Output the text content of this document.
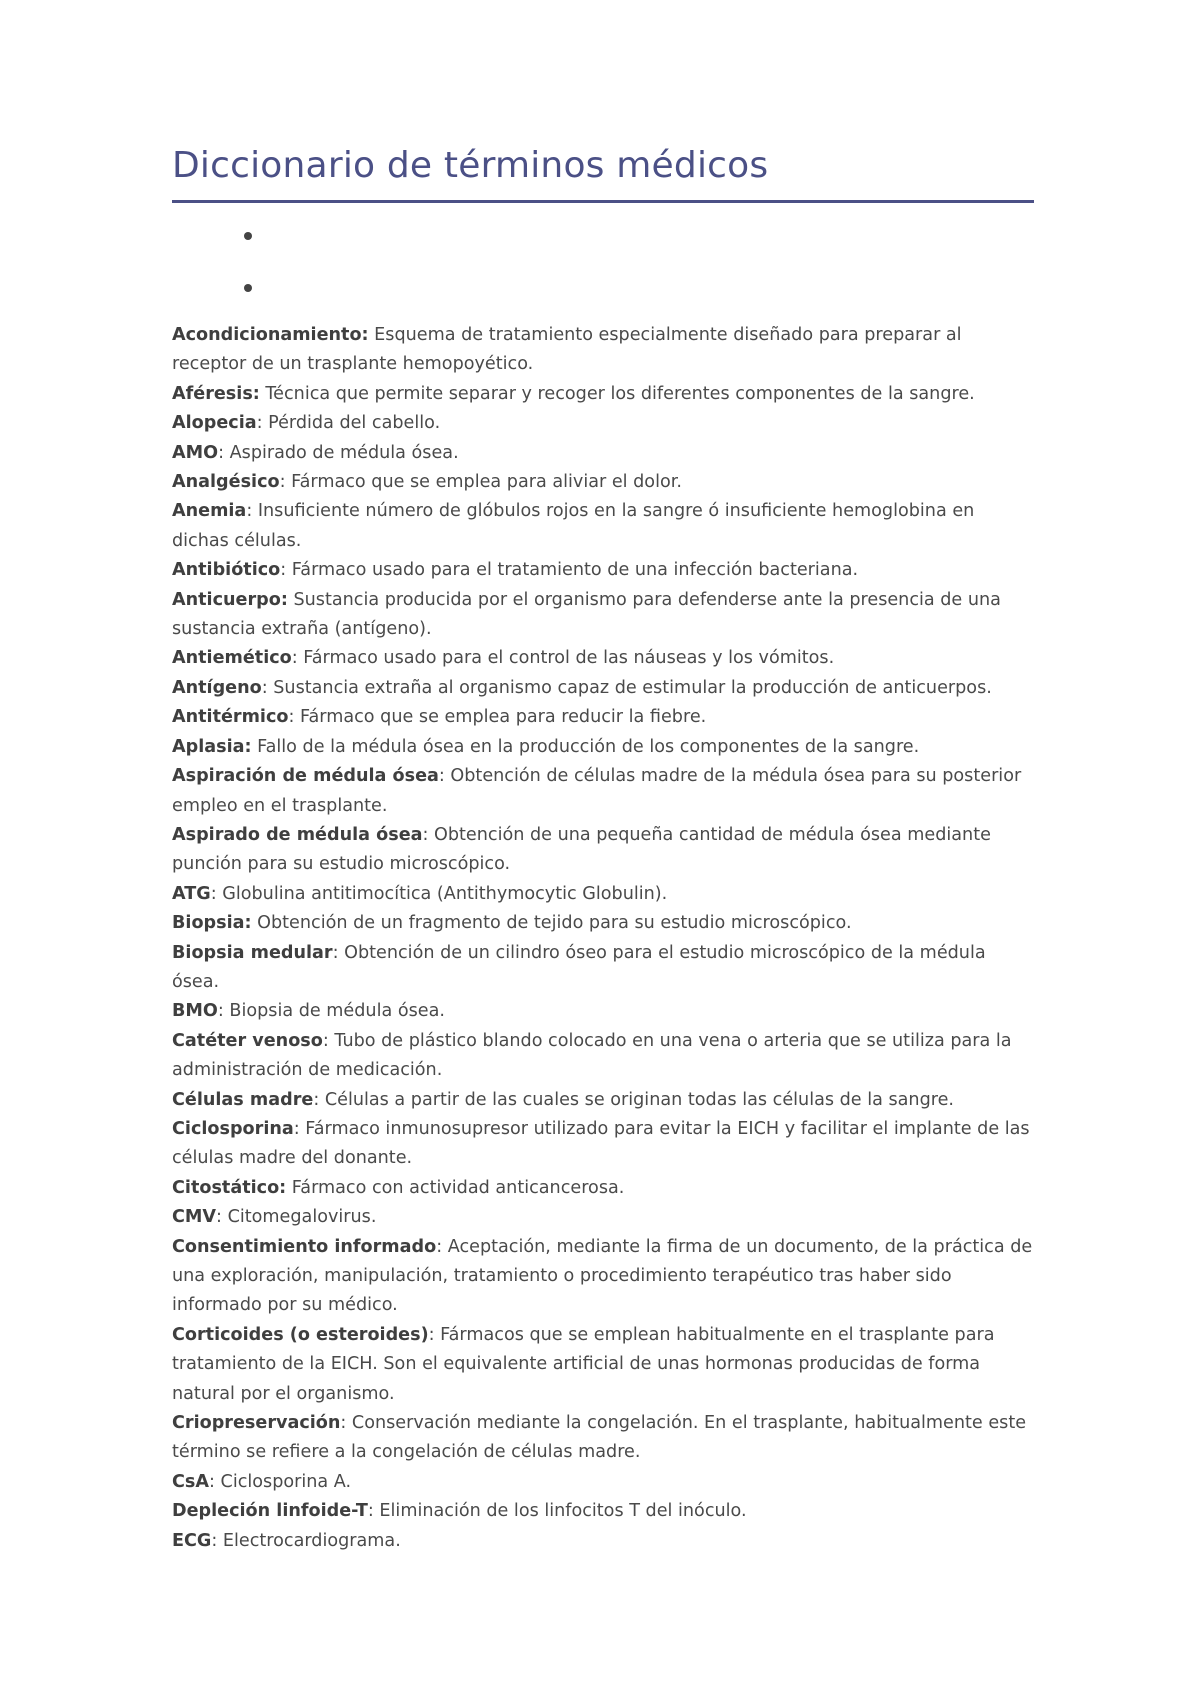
Diccionario de términos médicos

Acondicionamiento: Esquema de tratamiento especialmente diseñado para preparar al receptor de un trasplante hemopoyético.

Aféresis: Técnica que permite separar y recoger los diferentes componentes de la sangre.

Alopecia: Pérdida del cabello.

AMO: Aspirado de médula ósea.

Analgésico: Fármaco que se emplea para aliviar el dolor.

Anemia: Insuficiente número de glóbulos rojos en la sangre ó insuficiente hemoglobina en dichas células.

Antibiótico: Fármaco usado para el tratamiento de una infección bacteriana.

Anticuerpo: Sustancia producida por el organismo para defenderse ante la presencia de una sustancia extraña (antígeno).

Antiemético: Fármaco usado para el control de las náuseas y los vómitos.

Antígeno: Sustancia extraña al organismo capaz de estimular la producción de anticuerpos.

Antitérmico: Fármaco que se emplea para reducir la fiebre.

Aplasia: Fallo de la médula ósea en la producción de los componentes de la sangre.

Aspiración de médula ósea: Obtención de células madre de la médula ósea para su posterior empleo en el trasplante.

Aspirado de médula ósea: Obtención de una pequeña cantidad de médula ósea mediante punción para su estudio microscópico.

ATG: Globulina antitimocítica (Antithymocytic Globulin).

Biopsia: Obtención de un fragmento de tejido para su estudio microscópico.

Biopsia medular: Obtención de un cilindro óseo para el estudio microscópico de la médula ósea.

BMO: Biopsia de médula ósea.

Catéter venoso: Tubo de plástico blando colocado en una vena o arteria que se utiliza para la administración de medicación.

Células madre: Células a partir de las cuales se originan todas las células de la sangre.

Ciclosporina: Fármaco inmunosupresor utilizado para evitar la EICH y facilitar el implante de las células madre del donante.

Citostático: Fármaco con actividad anticancerosa.

CMV: Citomegalovirus.

Consentimiento informado: Aceptación, mediante la firma de un documento, de la práctica de una exploración, manipulación, tratamiento o procedimiento terapéutico tras haber sido informado por su médico.

Corticoides (o esteroides): Fármacos que se emplean habitualmente en el trasplante para tratamiento de la EICH. Son el equivalente artificial de unas hormonas producidas de forma natural por el organismo.

Criopreservación: Conservación mediante la congelación. En el trasplante, habitualmente este término se refiere a la congelación de células madre.

CsA: Ciclosporina A.

Depleción linfoide-T: Eliminación de los linfocitos T del inóculo.

ECG: Electrocardiograma.
